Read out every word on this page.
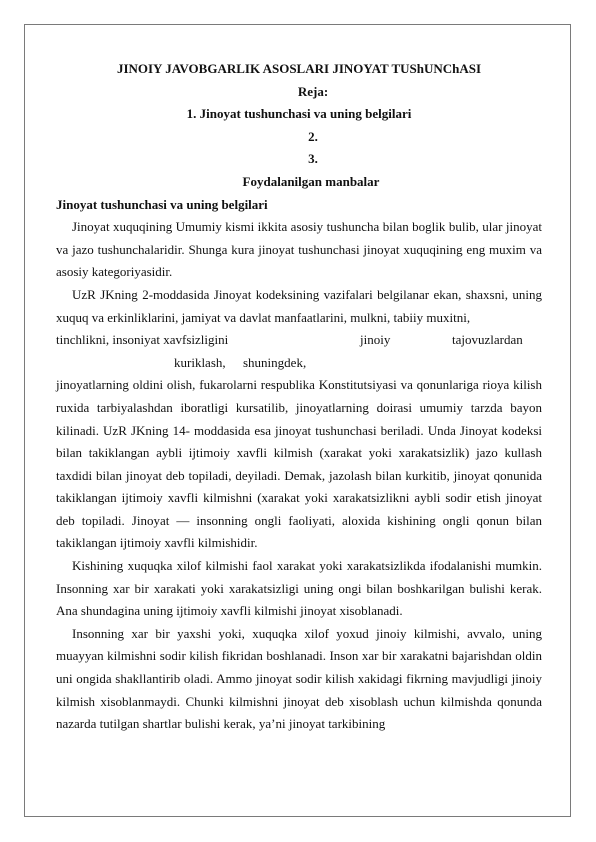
JINOIY JAVOBGARLIK ASOSLARI JINOYAT TUShUNChASI

Reja:

1. Jinoyat tushunchasi va uning belgilari

2.

3.

Foydalanilgan manbalar

Jinoyat tushunchasi va uning belgilari

Jinoyat xuquqining Umumiy kismi ikkita asosiy tushuncha bilan boglik bulib, ular jinoyat va jazo tushunchalaridir. Shunga kura jinoyat tushunchasi jinoyat xuquqining eng muxim va asosiy kategoriyasidir.

UzR JKning 2-moddasida Jinoyat kodeksining vazifalari belgilanar ekan, shaxsni, uning xuquq va erkinliklarini, jamiyat va davlat manfaatlarini, mulkni, tabiiy muxitni,

tinchlikni, insoniyat xavfsizligini	jinoiy	tajovuzlardan
kuriklash, shuningdek,

jinoyatlarning oldini olish, fukarolarni respublika Konstitutsiyasi va qonunlariga rioya kilish ruxida tarbiyalashdan iboratligi kursatilib, jinoyatlarning doirasi umumiy tarzda bayon kilinadi. UzR JKning 14- moddasida esa jinoyat tushunchasi beriladi. Unda Jinoyat kodeksi bilan takiklangan aybli ijtimoiy xavfli kilmish (xarakat yoki xarakatsizlik) jazo kullash taxdidi bilan jinoyat deb topiladi, deyiladi. Demak, jazolash bilan kurkitib, jinoyat qonunida takiklangan ijtimoiy xavfli kilmishni (xarakat yoki xarakatsizlikni aybli sodir etish jinoyat deb topiladi. Jinoyat — insonning ongli faoliyati, aloxida kishining ongli qonun bilan takiklangan ijtimoiy xavfli kilmishidir.

Kishining xuquqka xilof kilmishi faol xarakat yoki xarakatsizlikda ifodalanishi mumkin. Insonning xar bir xarakati yoki xarakatsizligi uning ongi bilan boshkarilgan bulishi kerak. Ana shundagina uning ijtimoiy xavfli kilmishi jinoyat xisoblanadi.

Insonning xar bir yaxshi yoki, xuquqka xilof yoxud jinoiy kilmishi, avvalo, uning muayyan kilmishni sodir kilish fikridan boshlanadi. Inson xar bir xarakatni bajarishdan oldin uni ongida shakllantirib oladi. Ammo jinoyat sodir kilish xakidagi fikrning mavjudligi jinoiy kilmish xisoblanmaydi. Chunki kilmishni jinoyat deb xisoblash uchun kilmishda qonunda nazarda tutilgan shartlar bulishi kerak, ya’ni jinoyat tarkibining
